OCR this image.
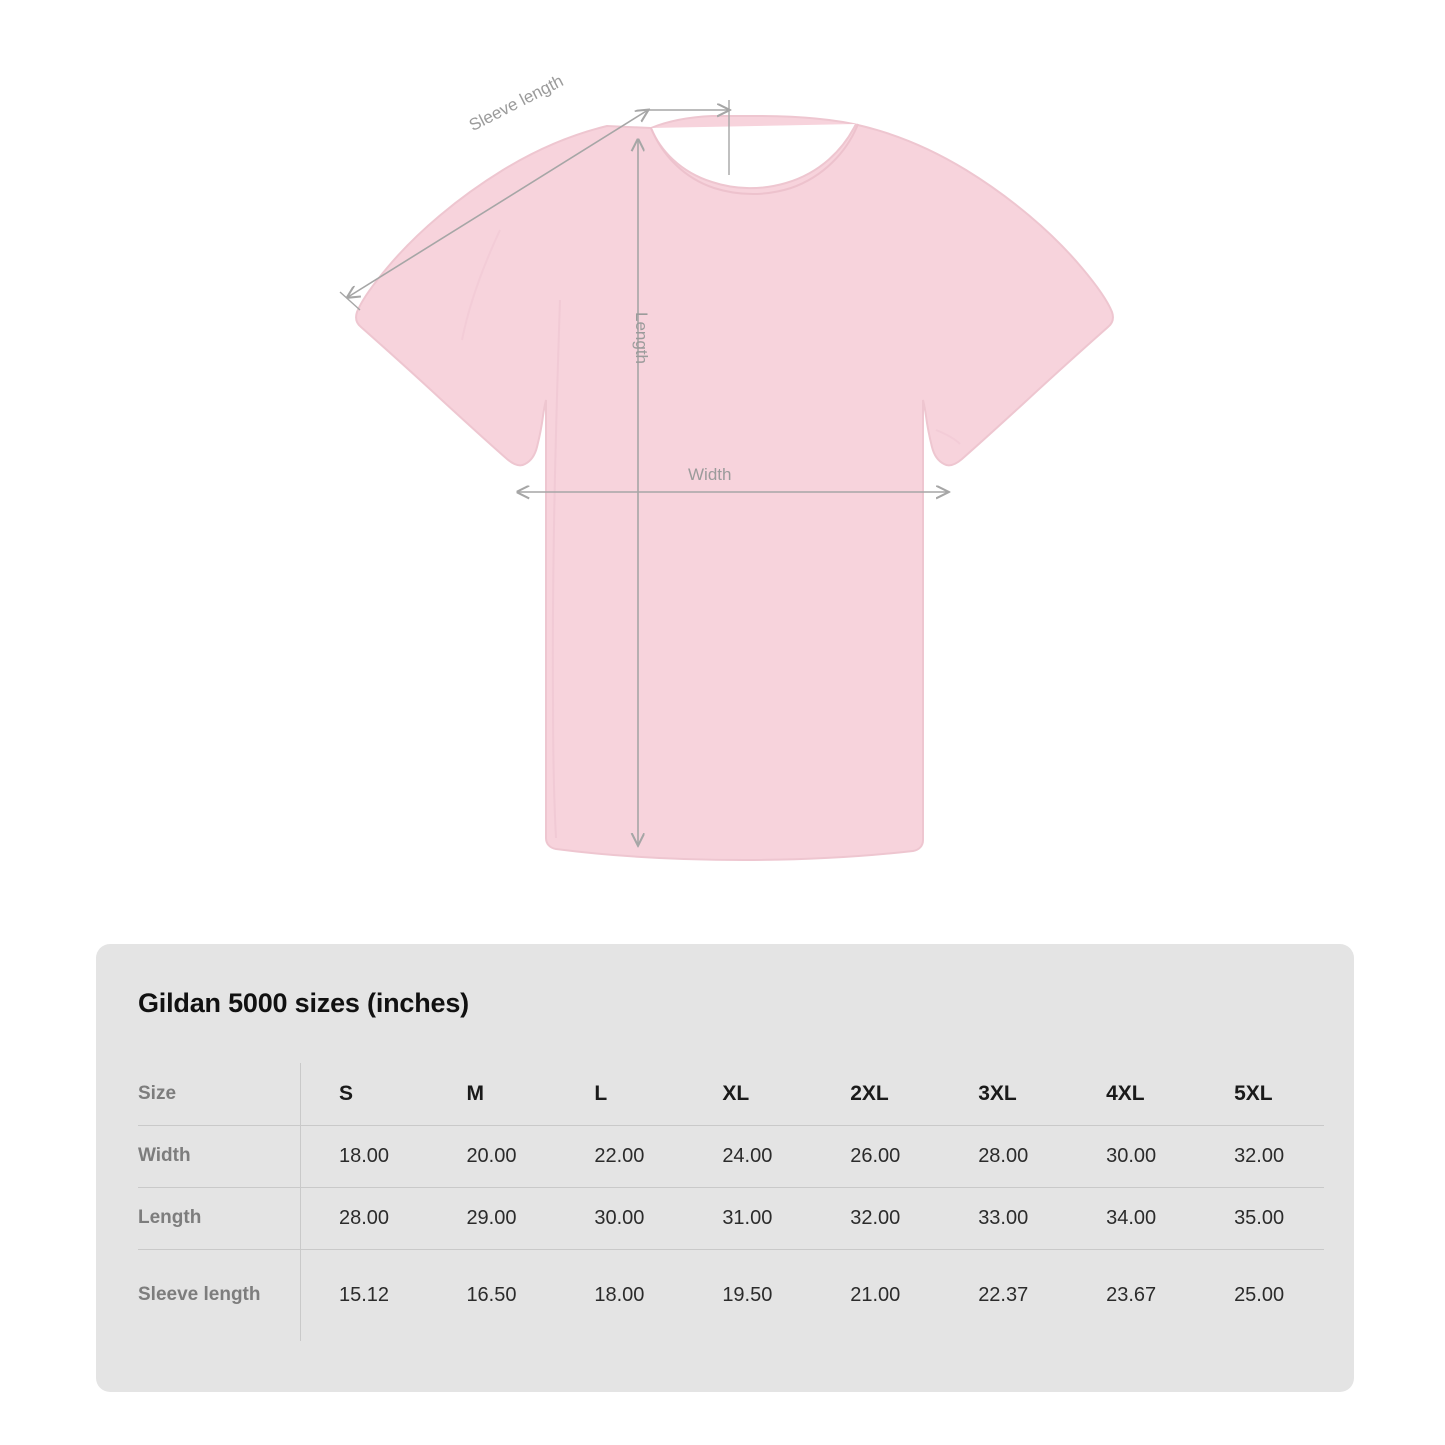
Sleeve length
Length
Width
Gildan 5000 sizes (inches)
Size	S	M	L	XL	2XL	3XL	4XL	5XL
Width	18.00	20.00	22.00	24.00	26.00	28.00	30.00	32.00
Length	28.00	29.00	30.00	31.00	32.00	33.00	34.00	35.00
Sleeve length	15.12	16.50	18.00	19.50	21.00	22.37	23.67	25.00
